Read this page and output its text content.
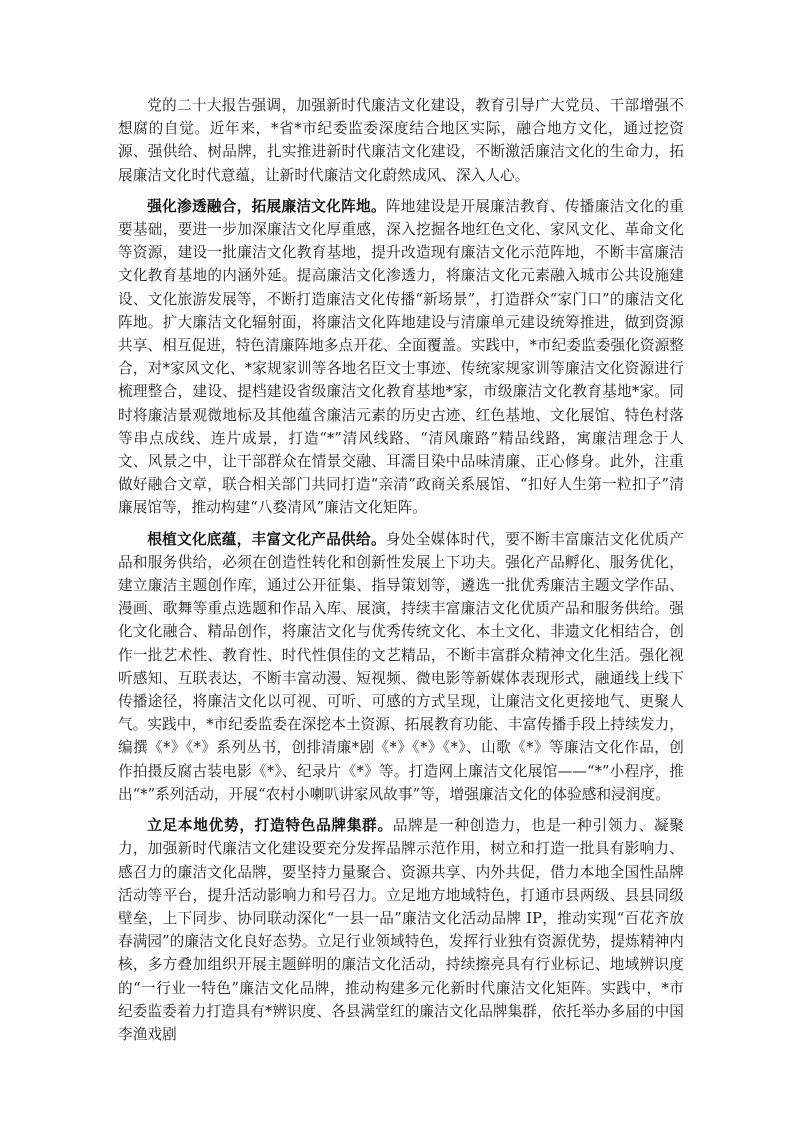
党的二十大报告强调，加强新时代廉洁文化建设，教育引导广大党员、干部增强不想腐的自觉。近年来，*省*市纪委监委深度结合地区实际，融合地方文化，通过挖资源、强供给、树品牌，扎实推进新时代廉洁文化建设，不断激活廉洁文化的生命力，拓展廉洁文化时代意蕴，让新时代廉洁文化蔚然成风、深入人心。

强化渗透融合，拓展廉洁文化阵地。阵地建设是开展廉洁教育、传播廉洁文化的重要基础，要进一步加深廉洁文化厚重感，深入挖掘各地红色文化、家风文化、革命文化等资源，建设一批廉洁文化教育基地，提升改造现有廉洁文化示范阵地，不断丰富廉洁文化教育基地的内涵外延。提高廉洁文化渗透力，将廉洁文化元素融入城市公共设施建设、文化旅游发展等，不断打造廉洁文化传播“新场景”，打造群众“家门口”的廉洁文化阵地。扩大廉洁文化辐射面，将廉洁文化阵地建设与清廉单元建设统筹推进，做到资源共享、相互促进，特色清廉阵地多点开花、全面覆盖。实践中，*市纪委监委强化资源整合，对*家风文化、*家规家训等各地名臣文士事迹、传统家规家训等廉洁文化资源进行梳理整合，建设、提档建设省级廉洁文化教育基地*家，市级廉洁文化教育基地*家。同时将廉洁景观微地标及其他蕴含廉洁元素的历史古迹、红色基地、文化展馆、特色村落等串点成线、连片成景，打造“*”清风线路、“清风廉路”精品线路，寓廉洁理念于人文、风景之中，让干部群众在情景交融、耳濡目染中品味清廉、正心修身。此外，注重做好融合文章，联合相关部门共同打造“亲清”政商关系展馆、“扣好人生第一粒扣子”清廉展馆等，推动构建“八婺清风”廉洁文化矩阵。

根植文化底蕴，丰富文化产品供给。身处全媒体时代，要不断丰富廉洁文化优质产品和服务供给，必须在创造性转化和创新性发展上下功夫。强化产品孵化、服务优化，建立廉洁主题创作库，通过公开征集、指导策划等，遴选一批优秀廉洁主题文学作品、漫画、歌舞等重点选题和作品入库、展演，持续丰富廉洁文化优质产品和服务供给。强化文化融合、精品创作，将廉洁文化与优秀传统文化、本土文化、非遗文化相结合，创作一批艺术性、教育性、时代性俱佳的文艺精品，不断丰富群众精神文化生活。强化视听感知、互联表达，不断丰富动漫、短视频、微电影等新媒体表现形式，融通线上线下传播途径，将廉洁文化以可视、可听、可感的方式呈现，让廉洁文化更接地气、更聚人气。实践中，*市纪委监委在深挖本土资源、拓展教育功能、丰富传播手段上持续发力，编撰《*》《*》系列丛书，创排清廉*剧《*》《*》《*》、山歌《*》等廉洁文化作品，创作拍摄反腐古装电影《*》、纪录片《*》等。打造网上廉洁文化展馆——“*”小程序，推出“*”系列活动，开展“农村小喇叭讲家风故事”等，增强廉洁文化的体验感和浸润度。

立足本地优势，打造特色品牌集群。品牌是一种创造力，也是一种引领力、凝聚力，加强新时代廉洁文化建设要充分发挥品牌示范作用，树立和打造一批具有影响力、感召力的廉洁文化品牌，要坚持力量聚合、资源共享、内外共促，借力本地全国性品牌活动等平台，提升活动影响力和号召力。立足地方地域特色，打通市县两级、县县同级壁垒，上下同步、协同联动深化“一县一品”廉洁文化活动品牌 IP，推动实现“百花齐放春满园”的廉洁文化良好态势。立足行业领域特色，发挥行业独有资源优势，提炼精神内核，多方叠加组织开展主题鲜明的廉洁文化活动，持续擦亮具有行业标记、地域辨识度的“一行业一特色”廉洁文化品牌，推动构建多元化新时代廉洁文化矩阵。实践中，*市纪委监委着力打造具有*辨识度、各县满堂红的廉洁文化品牌集群，依托举办多届的中国李渔戏剧
